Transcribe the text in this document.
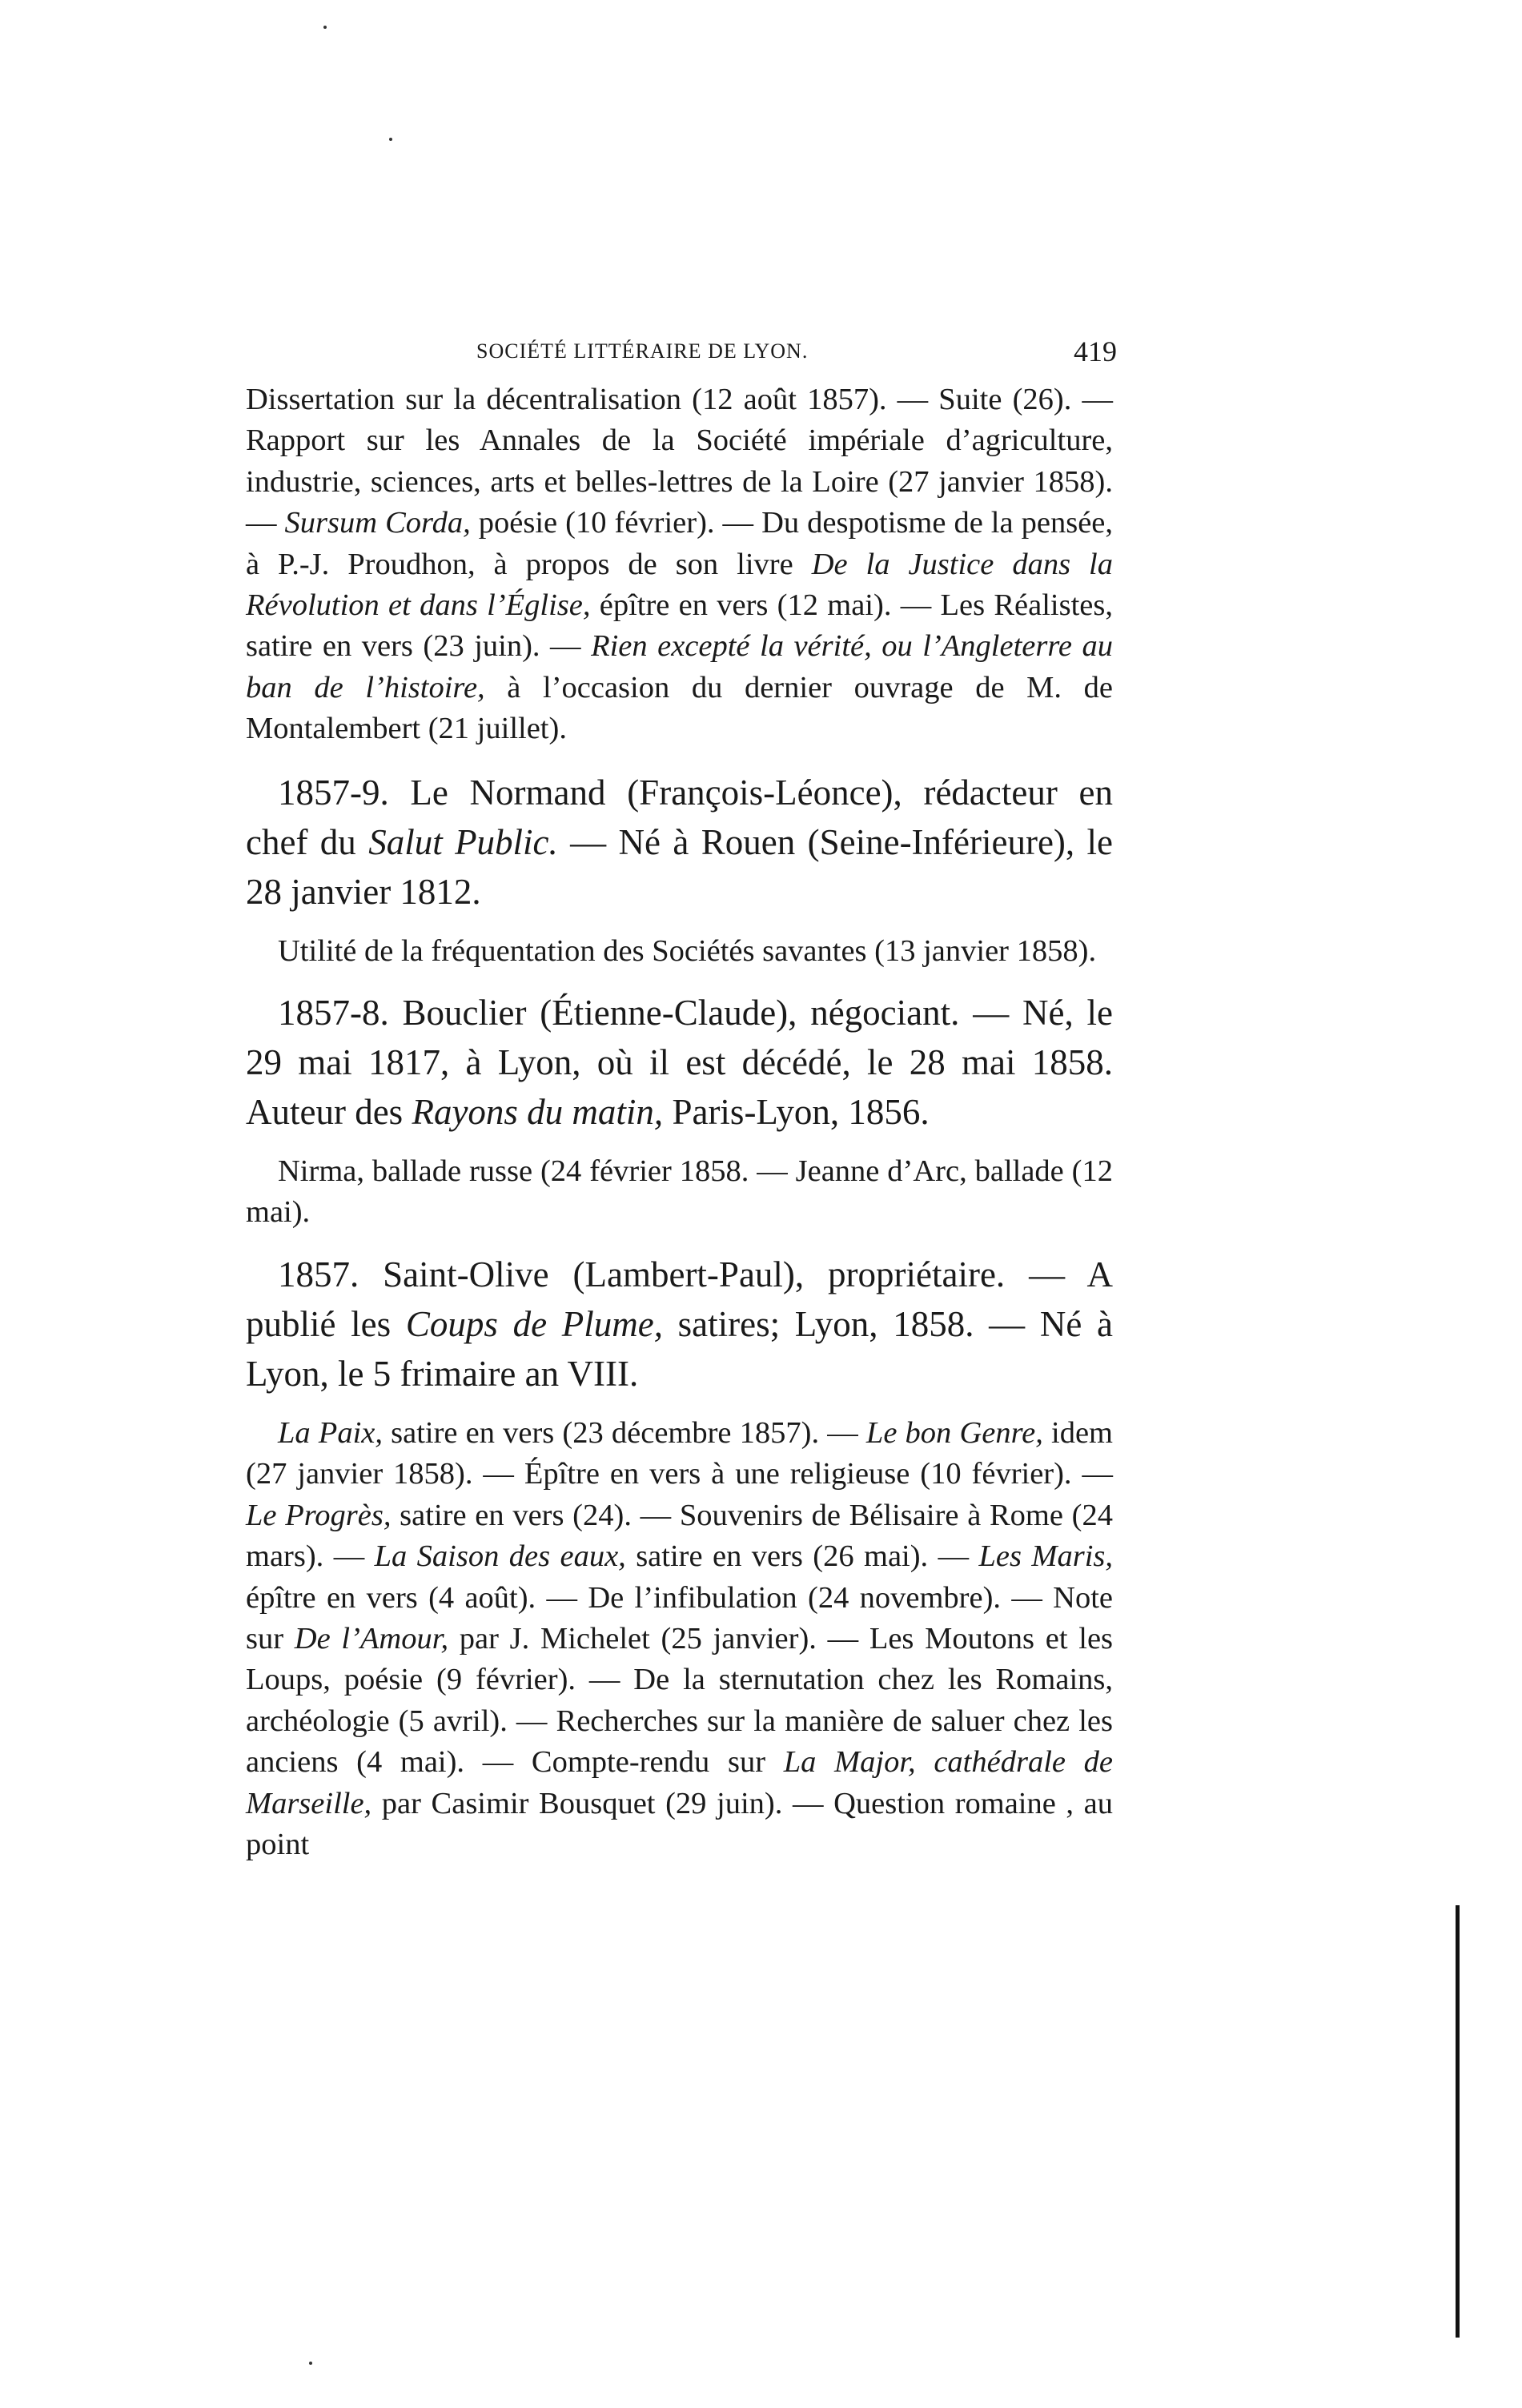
SOCIÉTÉ LITTÉRAIRE DE LYON.	419

Dissertation sur la décentralisation (12 août 1857). — Suite (26). — Rapport sur les Annales de la Société impériale d’agriculture, industrie, sciences, arts et belles-lettres de la Loire (27 janvier 1858). — Sursum Corda, poésie (10 février). — Du despotisme de la pensée, à P.-J. Proudhon, à propos de son livre De la Justice dans la Révolution et dans l’Église, épître en vers (12 mai). — Les Réalistes, satire en vers (23 juin). — Rien excepté la vérité, ou l’Angleterre au ban de l’histoire, à l’occasion du dernier ouvrage de M. de Montalembert (21 juillet).

1857-9. Le Normand (François-Léonce), rédacteur en chef du Salut Public. — Né à Rouen (Seine-Inférieure), le 28 janvier 1812.

Utilité de la fréquentation des Sociétés savantes (13 janvier 1858).

1857-8. Bouclier (Étienne-Claude), négociant. — Né, le 29 mai 1817, à Lyon, où il est décédé, le 28 mai 1858. Auteur des Rayons du matin, Paris-Lyon, 1856.

Nirma, ballade russe (24 février 1858. — Jeanne d’Arc, ballade (12 mai).

1857. Saint-Olive (Lambert-Paul), propriétaire. — A publié les Coups de Plume, satires; Lyon, 1858. — Né à Lyon, le 5 frimaire an VIII.

La Paix, satire en vers (23 décembre 1857). — Le bon Genre, idem (27 janvier 1858). — Épître en vers à une religieuse (10 février). — Le Progrès, satire en vers (24). — Souvenirs de Bélisaire à Rome (24 mars). — La Saison des eaux, satire en vers (26 mai). — Les Maris, épître en vers (4 août). — De l’infibulation (24 novembre). — Note sur De l’Amour, par J. Michelet (25 janvier). — Les Moutons et les Loups, poésie (9 février). — De la sternutation chez les Romains, archéologie (5 avril). — Recherches sur la manière de saluer chez les anciens (4 mai). — Compte-rendu sur La Major, cathédrale de Marseille, par Casimir Bousquet (29 juin). — Question romaine , au point
